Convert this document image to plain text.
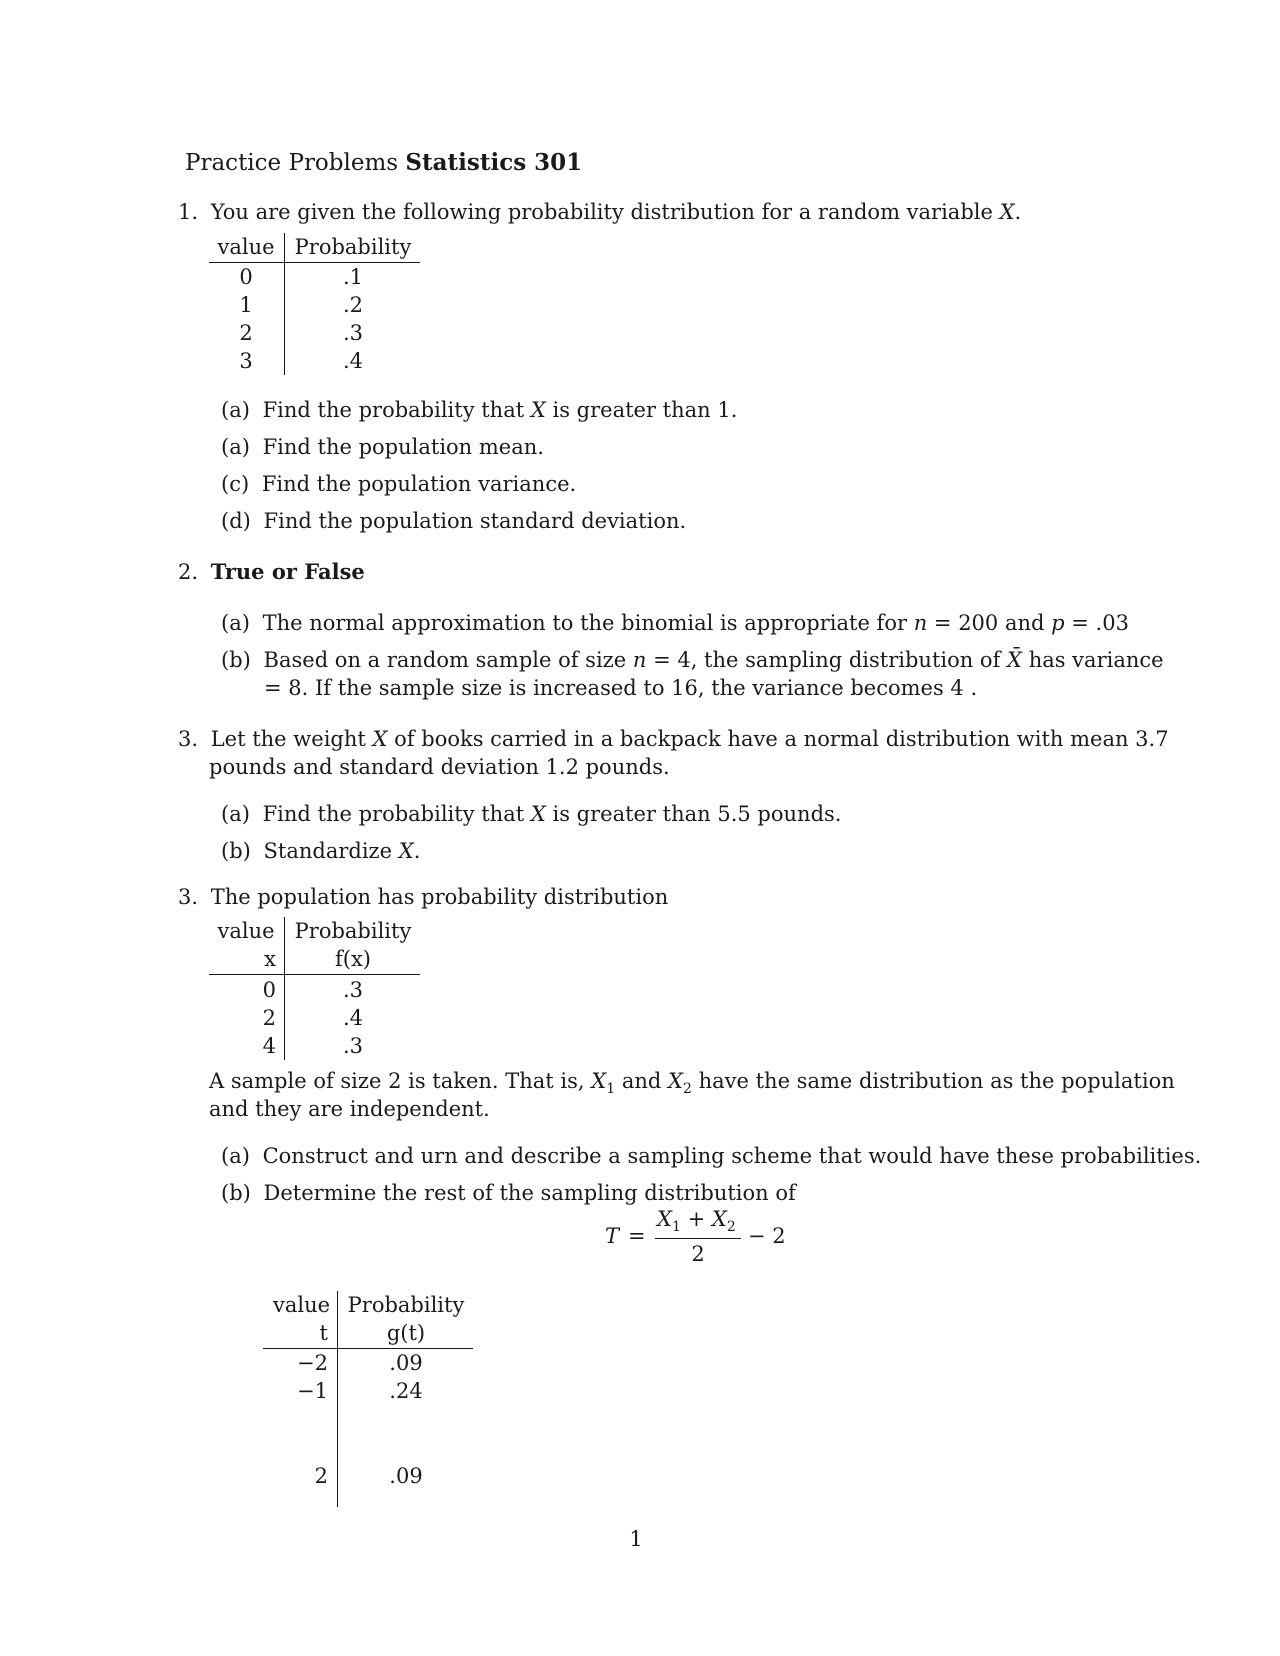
Practice Problems Statistics 301
1. You are given the following probability distribution for a random variable X.
value Probability
0	.1
1	.2
2	.3
3	.4
(a) Find the probability that X is greater than 1.
(a) Find the population mean.
(c) Find the population variance.
(d) Find the population standard deviation.
2. True or False
(a) The normal approximation to the binomial is appropriate for n = 200 and p = .03
(b) Based on a random sample of size n = 4, the sampling distribution of X̄ has variance
= 8. If the sample size is increased to 16, the variance becomes 4 .
3. Let the weight X of books carried in a backpack have a normal distribution with mean 3.7
pounds and standard deviation 1.2 pounds.
(a) Find the probability that X is greater than 5.5 pounds.
(b) Standardize X.
3. The population has probability distribution
value Probability
x	f(x)
0	.3
2	.4
4	.3
A sample of size 2 is taken. That is, $X_1$ and $X_2$ have the same distribution as the population
and they are independent.
(a) Construct and urn and describe a sampling scheme that would have these probabilities.
(b) Determine the rest of the sampling distribution of
T =
$X_1 + X_2$
2
− 2
value Probability
t	g(t)
−2	.09
−1	.24
2	.09
1
